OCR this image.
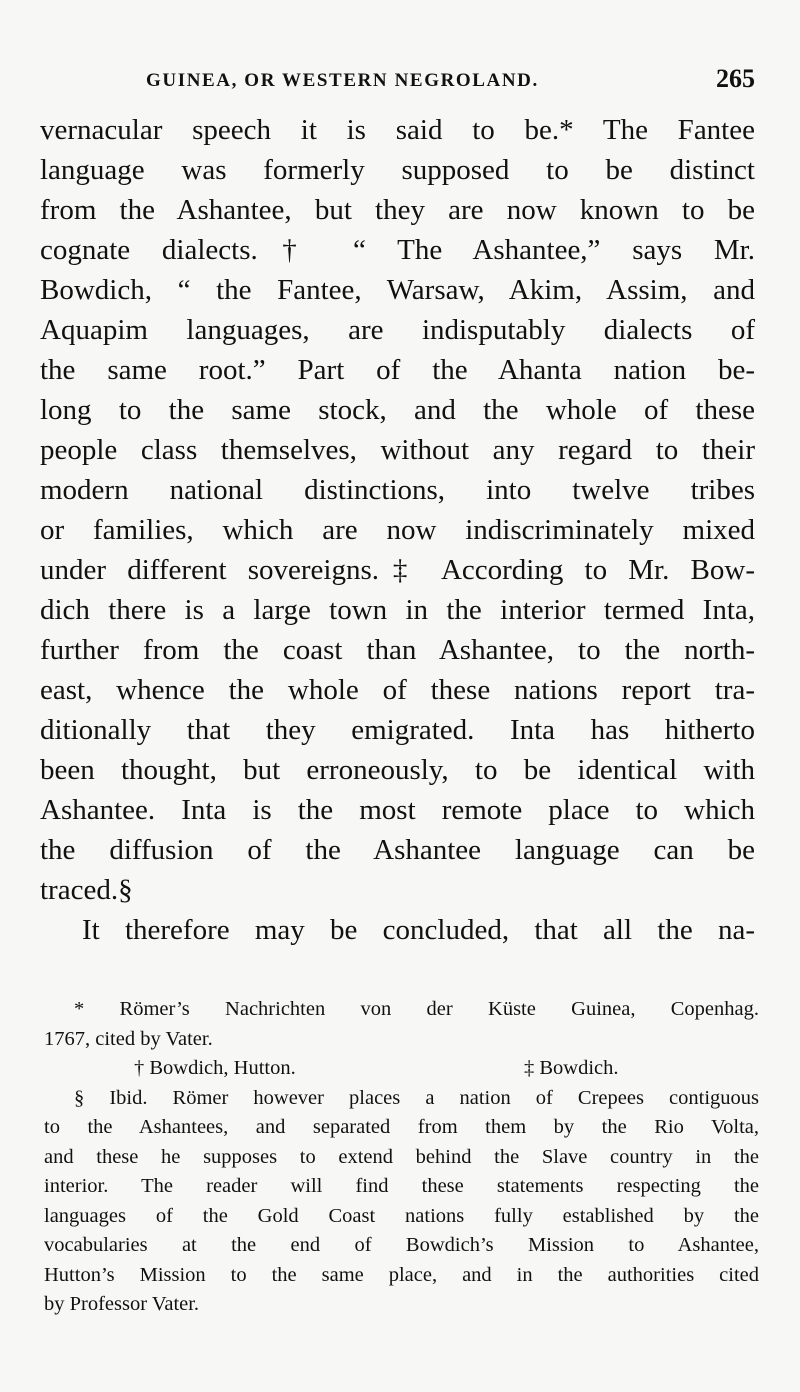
GUINEA, OR WESTERN NEGROLAND.	265
vernacular speech it is said to be.* The Fantee
language was formerly supposed to be distinct
from the Ashantee, but they are now known to be
cognate dialects.† “ The Ashantee,” says Mr.
Bowdich, “ the Fantee, Warsaw, Akim, Assim, and
Aquapim languages, are indisputably dialects of
the same root.” Part of the Ahanta nation be-
long to the same stock, and the whole of these
people class themselves, without any regard to their
modern national distinctions, into twelve tribes
or families, which are now indiscriminately mixed
under different sovereigns.‡ According to Mr. Bow-
dich there is a large town in the interior termed Inta,
further from the coast than Ashantee, to the north-
east, whence the whole of these nations report tra-
ditionally that they emigrated. Inta has hitherto
been thought, but erroneously, to be identical with
Ashantee. Inta is the most remote place to which
the diffusion of the Ashantee language can be
traced.§
It therefore may be concluded, that all the na-
* Römer’s Nachrichten von der Küste Guinea, Copenhag.
1767, cited by Vater.
† Bowdich, Hutton.	‡ Bowdich.
§ Ibid. Römer however places a nation of Crepees contiguous
to the Ashantees, and separated from them by the Rio Volta,
and these he supposes to extend behind the Slave country in the
interior. The reader will find these statements respecting the
languages of the Gold Coast nations fully established by the
vocabularies at the end of Bowdich’s Mission to Ashantee,
Hutton’s Mission to the same place, and in the authorities cited
by Professor Vater.
